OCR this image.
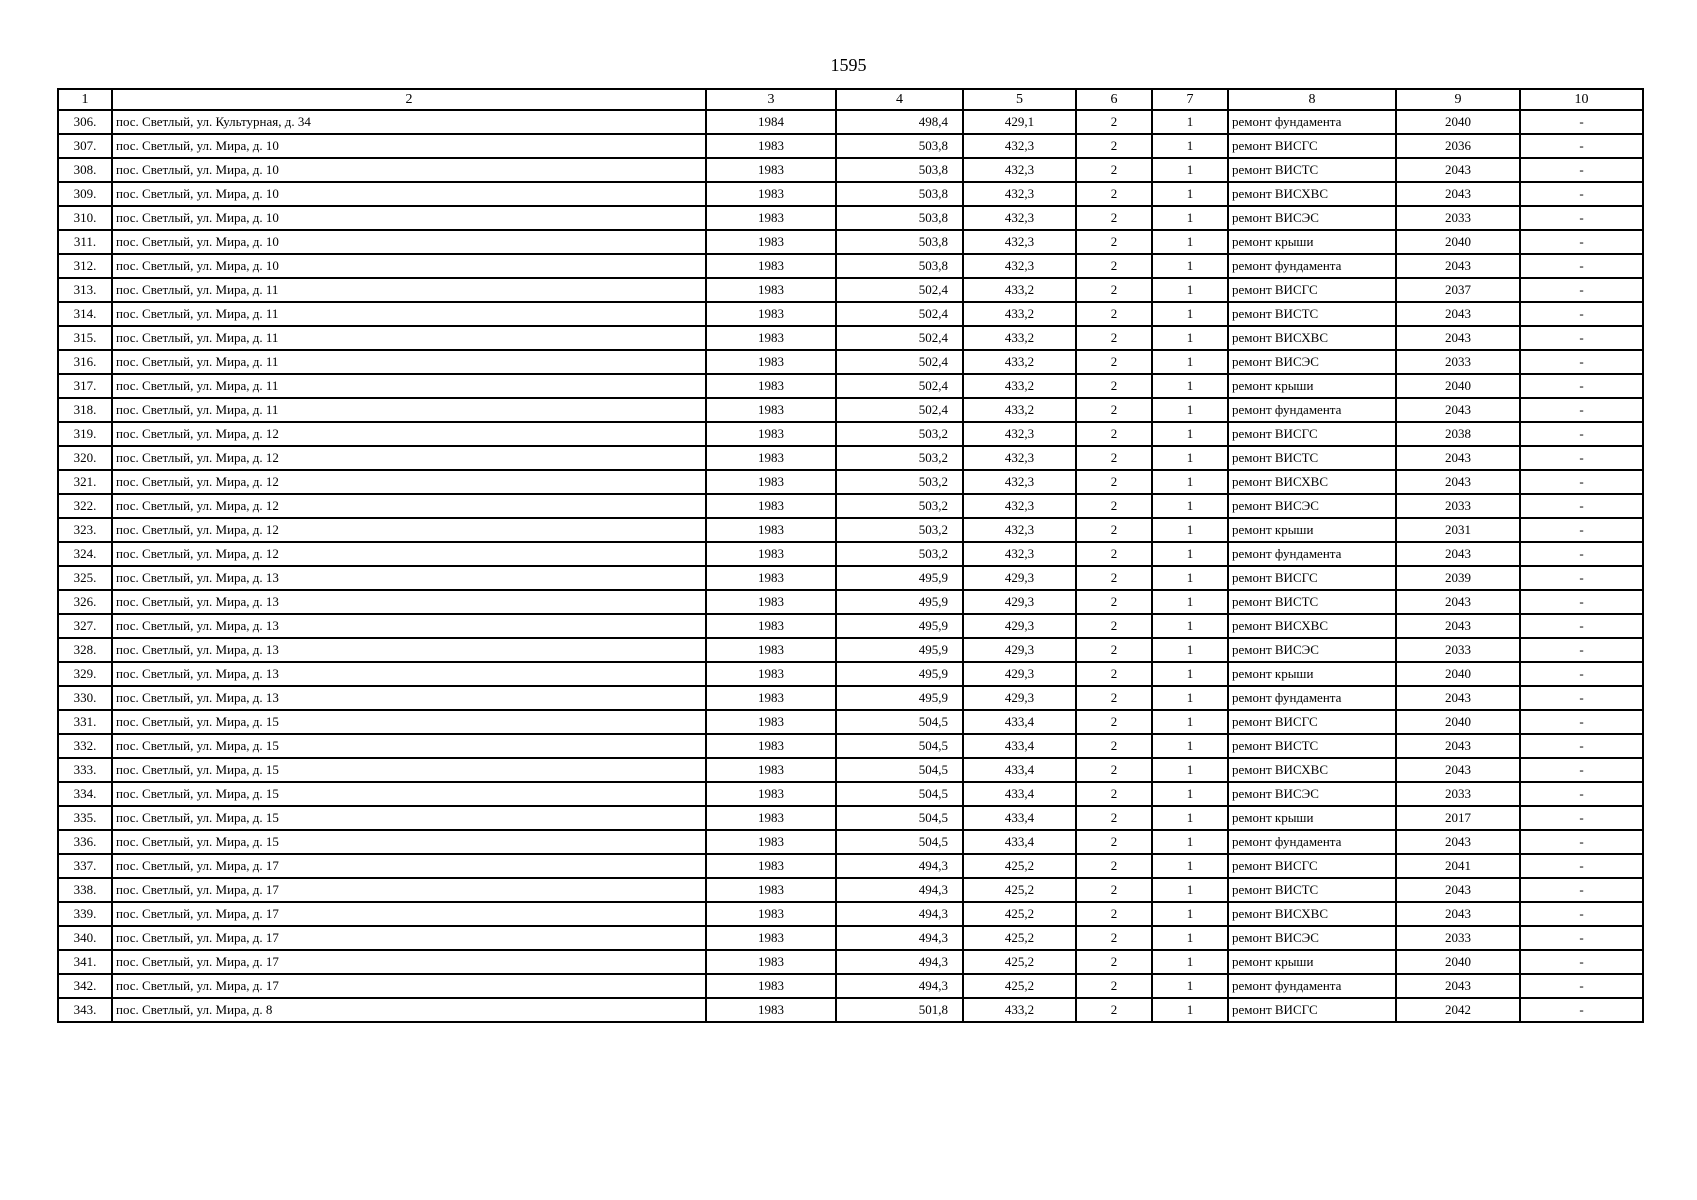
1595
1	2	3	4	5	6	7	8	9	10
306.	пос. Светлый, ул. Культурная, д. 34	1984	498,4	429,1	2	1	ремонт фундамента	2040	-
307.	пос. Светлый, ул. Мира, д. 10	1983	503,8	432,3	2	1	ремонт ВИСГС	2036	-
308.	пос. Светлый, ул. Мира, д. 10	1983	503,8	432,3	2	1	ремонт ВИСТС	2043	-
309.	пос. Светлый, ул. Мира, д. 10	1983	503,8	432,3	2	1	ремонт ВИСХВС	2043	-
310.	пос. Светлый, ул. Мира, д. 10	1983	503,8	432,3	2	1	ремонт ВИСЭС	2033	-
311.	пос. Светлый, ул. Мира, д. 10	1983	503,8	432,3	2	1	ремонт крыши	2040	-
312.	пос. Светлый, ул. Мира, д. 10	1983	503,8	432,3	2	1	ремонт фундамента	2043	-
313.	пос. Светлый, ул. Мира, д. 11	1983	502,4	433,2	2	1	ремонт ВИСГС	2037	-
314.	пос. Светлый, ул. Мира, д. 11	1983	502,4	433,2	2	1	ремонт ВИСТС	2043	-
315.	пос. Светлый, ул. Мира, д. 11	1983	502,4	433,2	2	1	ремонт ВИСХВС	2043	-
316.	пос. Светлый, ул. Мира, д. 11	1983	502,4	433,2	2	1	ремонт ВИСЭС	2033	-
317.	пос. Светлый, ул. Мира, д. 11	1983	502,4	433,2	2	1	ремонт крыши	2040	-
318.	пос. Светлый, ул. Мира, д. 11	1983	502,4	433,2	2	1	ремонт фундамента	2043	-
319.	пос. Светлый, ул. Мира, д. 12	1983	503,2	432,3	2	1	ремонт ВИСГС	2038	-
320.	пос. Светлый, ул. Мира, д. 12	1983	503,2	432,3	2	1	ремонт ВИСТС	2043	-
321.	пос. Светлый, ул. Мира, д. 12	1983	503,2	432,3	2	1	ремонт ВИСХВС	2043	-
322.	пос. Светлый, ул. Мира, д. 12	1983	503,2	432,3	2	1	ремонт ВИСЭС	2033	-
323.	пос. Светлый, ул. Мира, д. 12	1983	503,2	432,3	2	1	ремонт крыши	2031	-
324.	пос. Светлый, ул. Мира, д. 12	1983	503,2	432,3	2	1	ремонт фундамента	2043	-
325.	пос. Светлый, ул. Мира, д. 13	1983	495,9	429,3	2	1	ремонт ВИСГС	2039	-
326.	пос. Светлый, ул. Мира, д. 13	1983	495,9	429,3	2	1	ремонт ВИСТС	2043	-
327.	пос. Светлый, ул. Мира, д. 13	1983	495,9	429,3	2	1	ремонт ВИСХВС	2043	-
328.	пос. Светлый, ул. Мира, д. 13	1983	495,9	429,3	2	1	ремонт ВИСЭС	2033	-
329.	пос. Светлый, ул. Мира, д. 13	1983	495,9	429,3	2	1	ремонт крыши	2040	-
330.	пос. Светлый, ул. Мира, д. 13	1983	495,9	429,3	2	1	ремонт фундамента	2043	-
331.	пос. Светлый, ул. Мира, д. 15	1983	504,5	433,4	2	1	ремонт ВИСГС	2040	-
332.	пос. Светлый, ул. Мира, д. 15	1983	504,5	433,4	2	1	ремонт ВИСТС	2043	-
333.	пос. Светлый, ул. Мира, д. 15	1983	504,5	433,4	2	1	ремонт ВИСХВС	2043	-
334.	пос. Светлый, ул. Мира, д. 15	1983	504,5	433,4	2	1	ремонт ВИСЭС	2033	-
335.	пос. Светлый, ул. Мира, д. 15	1983	504,5	433,4	2	1	ремонт крыши	2017	-
336.	пос. Светлый, ул. Мира, д. 15	1983	504,5	433,4	2	1	ремонт фундамента	2043	-
337.	пос. Светлый, ул. Мира, д. 17	1983	494,3	425,2	2	1	ремонт ВИСГС	2041	-
338.	пос. Светлый, ул. Мира, д. 17	1983	494,3	425,2	2	1	ремонт ВИСТС	2043	-
339.	пос. Светлый, ул. Мира, д. 17	1983	494,3	425,2	2	1	ремонт ВИСХВС	2043	-
340.	пос. Светлый, ул. Мира, д. 17	1983	494,3	425,2	2	1	ремонт ВИСЭС	2033	-
341.	пос. Светлый, ул. Мира, д. 17	1983	494,3	425,2	2	1	ремонт крыши	2040	-
342.	пос. Светлый, ул. Мира, д. 17	1983	494,3	425,2	2	1	ремонт фундамента	2043	-
343.	пос. Светлый, ул. Мира, д. 8	1983	501,8	433,2	2	1	ремонт ВИСГС	2042	-
